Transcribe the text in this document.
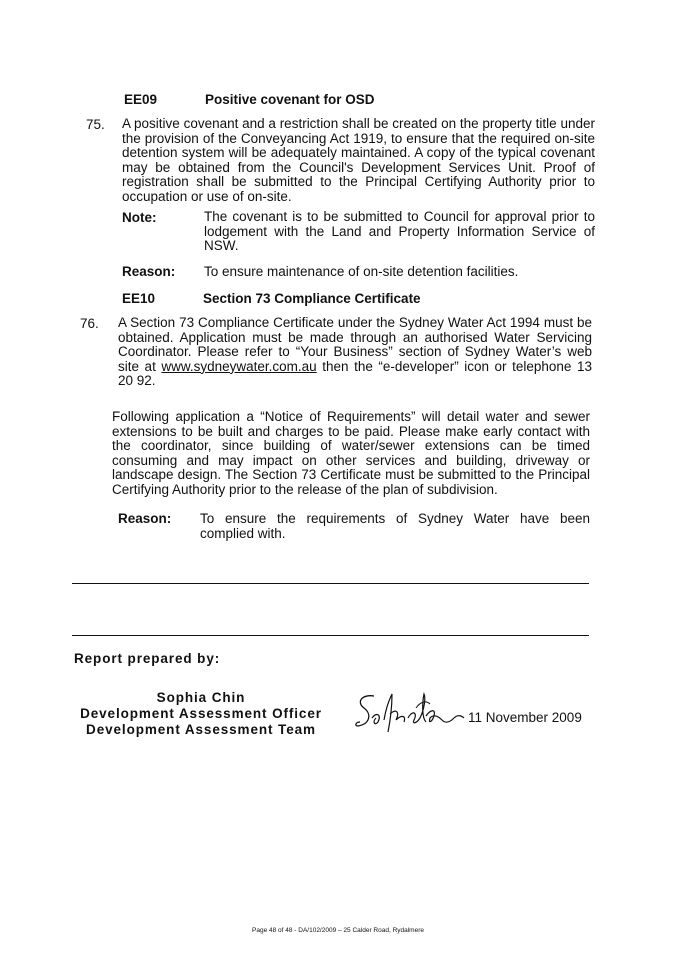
EE09	Positive covenant for OSD
75. A positive covenant and a restriction shall be created on the property title under the provision of the Conveyancing Act 1919, to ensure that the required on-site detention system will be adequately maintained. A copy of the typical covenant may be obtained from the Council's Development Services Unit. Proof of registration shall be submitted to the Principal Certifying Authority prior to occupation or use of on-site.
Note:	The covenant is to be submitted to Council for approval prior to lodgement with the Land and Property Information Service of NSW.
Reason: To ensure maintenance of on-site detention facilities.
EE10	Section 73 Compliance Certificate
76. A Section 73 Compliance Certificate under the Sydney Water Act 1994 must be obtained. Application must be made through an authorised Water Servicing Coordinator. Please refer to “Your Business” section of Sydney Water’s web site at www.sydneywater.com.au then the “e-developer” icon or telephone 13 20 92.
Following application a “Notice of Requirements” will detail water and sewer extensions to be built and charges to be paid. Please make early contact with the coordinator, since building of water/sewer extensions can be timed consuming and may impact on other services and building, driveway or landscape design. The Section 73 Certificate must be submitted to the Principal Certifying Authority prior to the release of the plan of subdivision.
Reason: To ensure the requirements of Sydney Water have been complied with.
Report prepared by:
Sophia Chin
Development Assessment Officer
Development Assessment Team
11 November 2009
Page 48 of 48 - DA/102/2009 – 25 Calder Road, Rydalmere
